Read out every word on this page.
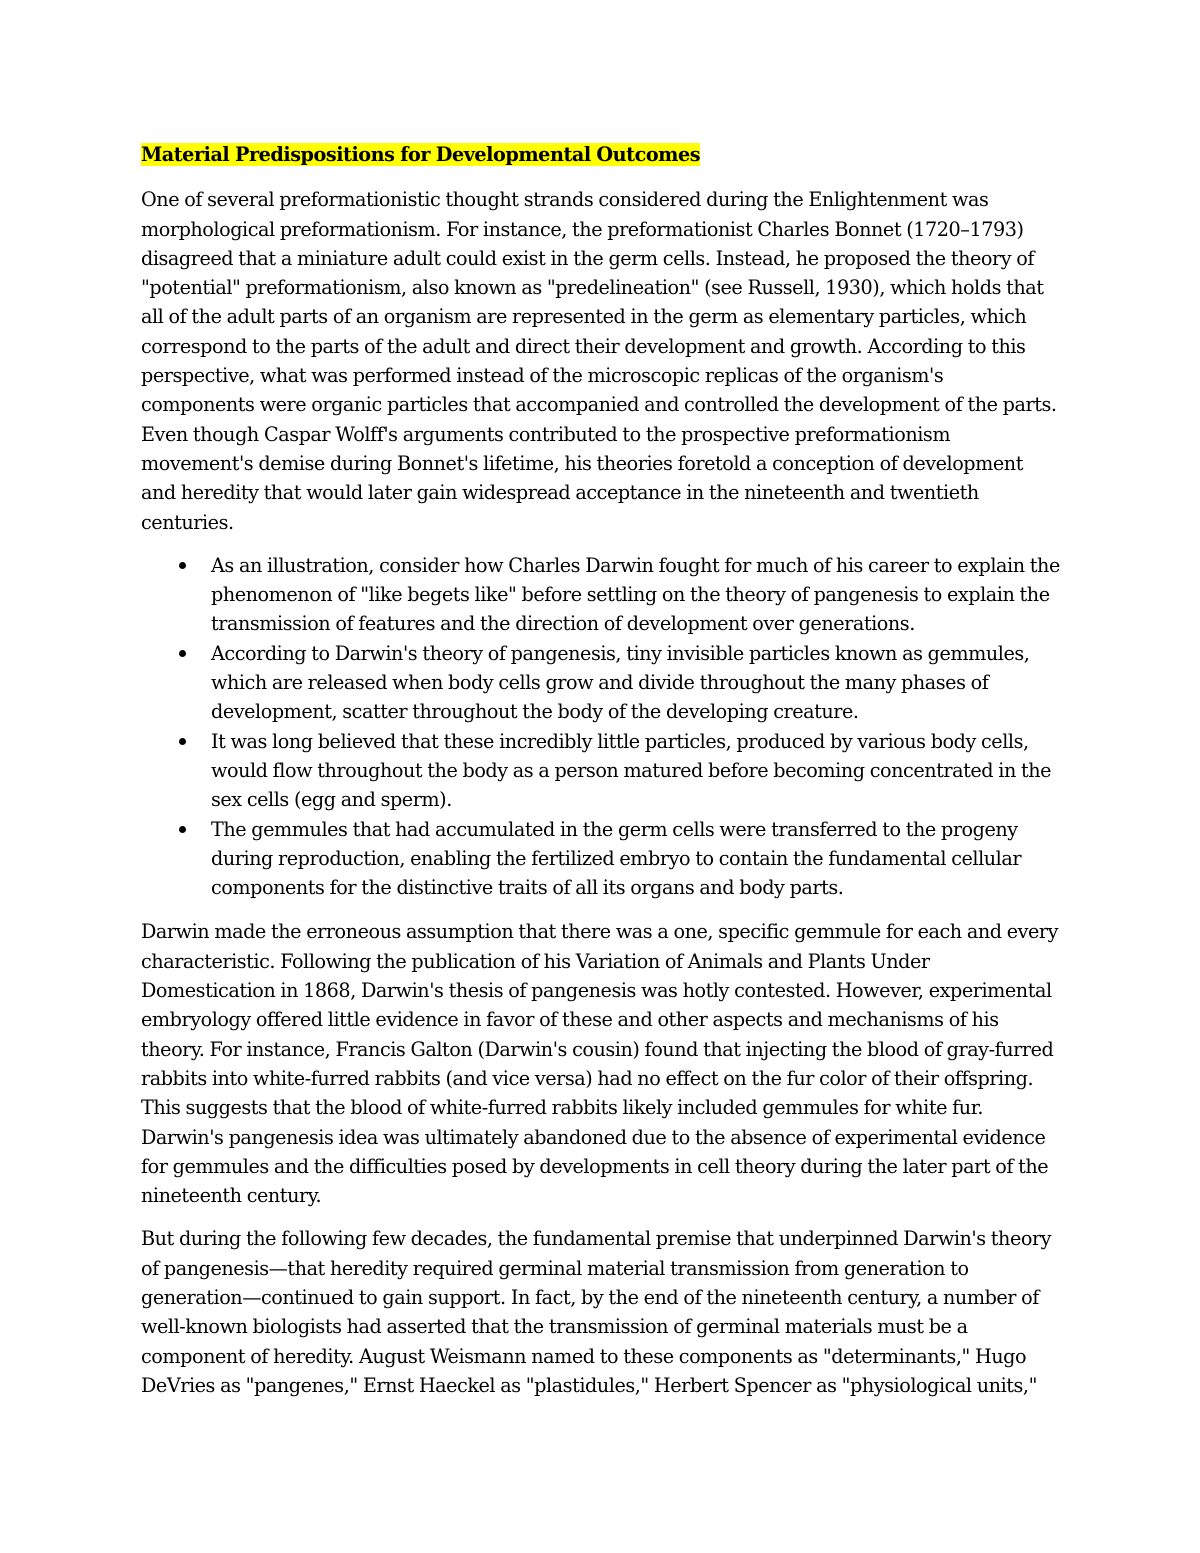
Material Predispositions for Developmental Outcomes

One of several preformationistic thought strands considered during the Enlightenment was morphological preformationism. For instance, the preformationist Charles Bonnet (1720–1793) disagreed that a miniature adult could exist in the germ cells. Instead, he proposed the theory of "potential" preformationism, also known as "predelineation" (see Russell, 1930), which holds that all of the adult parts of an organism are represented in the germ as elementary particles, which correspond to the parts of the adult and direct their development and growth. According to this perspective, what was performed instead of the microscopic replicas of the organism's components were organic particles that accompanied and controlled the development of the parts. Even though Caspar Wolff's arguments contributed to the prospective preformationism movement's demise during Bonnet's lifetime, his theories foretold a conception of development and heredity that would later gain widespread acceptance in the nineteenth and twentieth centuries.

As an illustration, consider how Charles Darwin fought for much of his career to explain the phenomenon of "like begets like" before settling on the theory of pangenesis to explain the transmission of features and the direction of development over generations.
According to Darwin's theory of pangenesis, tiny invisible particles known as gemmules, which are released when body cells grow and divide throughout the many phases of development, scatter throughout the body of the developing creature.
It was long believed that these incredibly little particles, produced by various body cells, would flow throughout the body as a person matured before becoming concentrated in the sex cells (egg and sperm).
The gemmules that had accumulated in the germ cells were transferred to the progeny during reproduction, enabling the fertilized embryo to contain the fundamental cellular components for the distinctive traits of all its organs and body parts.

Darwin made the erroneous assumption that there was a one, specific gemmule for each and every characteristic. Following the publication of his Variation of Animals and Plants Under Domestication in 1868, Darwin's thesis of pangenesis was hotly contested. However, experimental embryology offered little evidence in favor of these and other aspects and mechanisms of his theory. For instance, Francis Galton (Darwin's cousin) found that injecting the blood of gray-furred rabbits into white-furred rabbits (and vice versa) had no effect on the fur color of their offspring. This suggests that the blood of white-furred rabbits likely included gemmules for white fur. Darwin's pangenesis idea was ultimately abandoned due to the absence of experimental evidence for gemmules and the difficulties posed by developments in cell theory during the later part of the nineteenth century.

But during the following few decades, the fundamental premise that underpinned Darwin's theory of pangenesis—that heredity required germinal material transmission from generation to generation—continued to gain support. In fact, by the end of the nineteenth century, a number of well-known biologists had asserted that the transmission of germinal materials must be a component of heredity. August Weismann named to these components as "determinants," Hugo DeVries as "pangenes," Ernst Haeckel as "plastidules," Herbert Spencer as "physiological units,"
